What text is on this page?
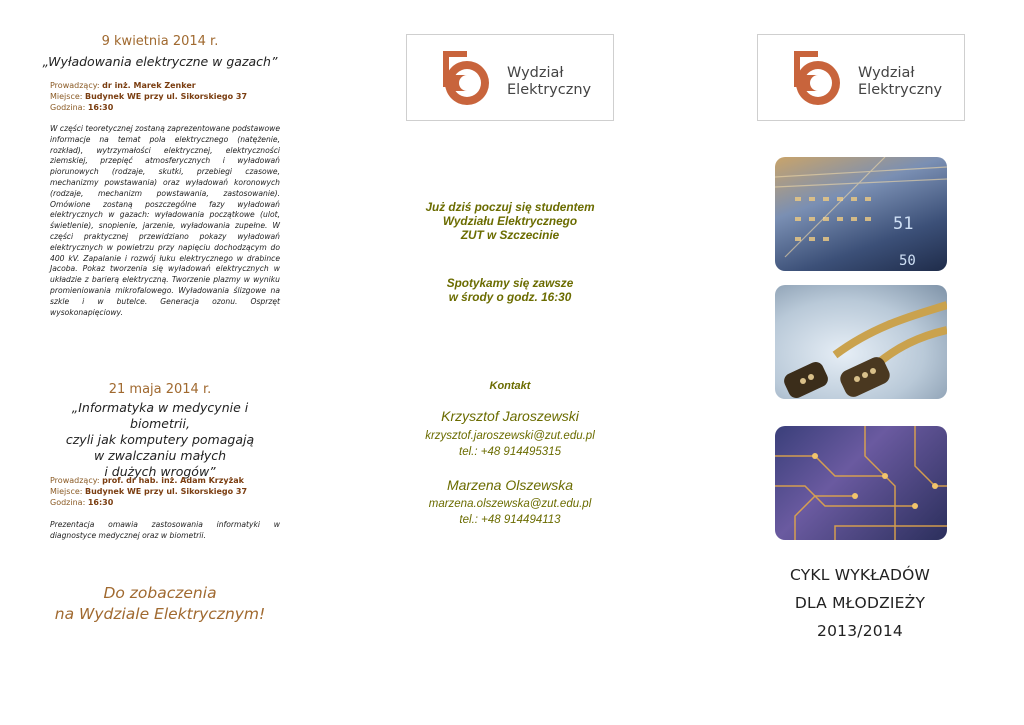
9 kwietnia 2014 r.
„Wyładowania elektryczne w gazach”
Prowadzący: dr inż. Marek Zenker
Miejsce: Budynek WE przy ul. Sikorskiego 37
Godzina: 16:30
W części teoretycznej zostaną zaprezentowane podstawowe informacje na temat pola elektrycznego (natężenie, rozkład), wytrzymałości elektrycznej, elektryczności ziemskiej, przepięć atmosferycznych i wyładowań piorunowych (rodzaje, skutki, przebiegi czasowe, mechanizmy powstawania) oraz wyładowań koronowych (rodzaje, mechanizm powstawania, zastosowanie). Omówione zostaną poszczególne fazy wyładowań elektrycznych w gazach: wyładowania początkowe (ulot, świetlenie), snopienie, jarzenie, wyładowania zupełne. W części praktycznej przewidziano pokazy wyładowań elektrycznych w powietrzu przy napięciu dochodzącym do 400 kV. Zapalanie i rozwój łuku elektrycznego w drabince Jacoba. Pokaz tworzenia się wyładowań elektrycznych w układzie z barierą elektryczną. Tworzenie plazmy w wyniku promieniowania mikrofalowego. Wyładowania ślizgowe na szkle i w butelce. Generacja ozonu. Osprzęt wysokonapięciowy.
21 maja 2014 r.
„Informatyka w medycynie i biometrii,
czyli jak komputery pomagają
w zwalczaniu małych
i dużych wrogów”
Prowadzący: prof. dr hab. inż. Adam Krzyżak
Miejsce: Budynek WE przy ul. Sikorskiego 37
Godzina: 16:30
Prezentacja omawia zastosowania informatyki w diagnostyce medycznej oraz w biometrii.
Do zobaczenia
na Wydziale Elektrycznym!
Wydział
Elektryczny
Już dziś poczuj się studentem
Wydziału Elektrycznego
ZUT w Szczecinie
Spotykamy się zawsze
w środy o godz. 16:30
Kontakt
Krzysztof Jaroszewski
krzysztof.jaroszewski@zut.edu.pl
tel.: +48 914495315
Marzena Olszewska
marzena.olszewska@zut.edu.pl
tel.: +48 914494113
Wydział
Elektryczny
51
50
CYKL WYKŁADÓW
DLA MŁODZIEŻY
2013/2014
